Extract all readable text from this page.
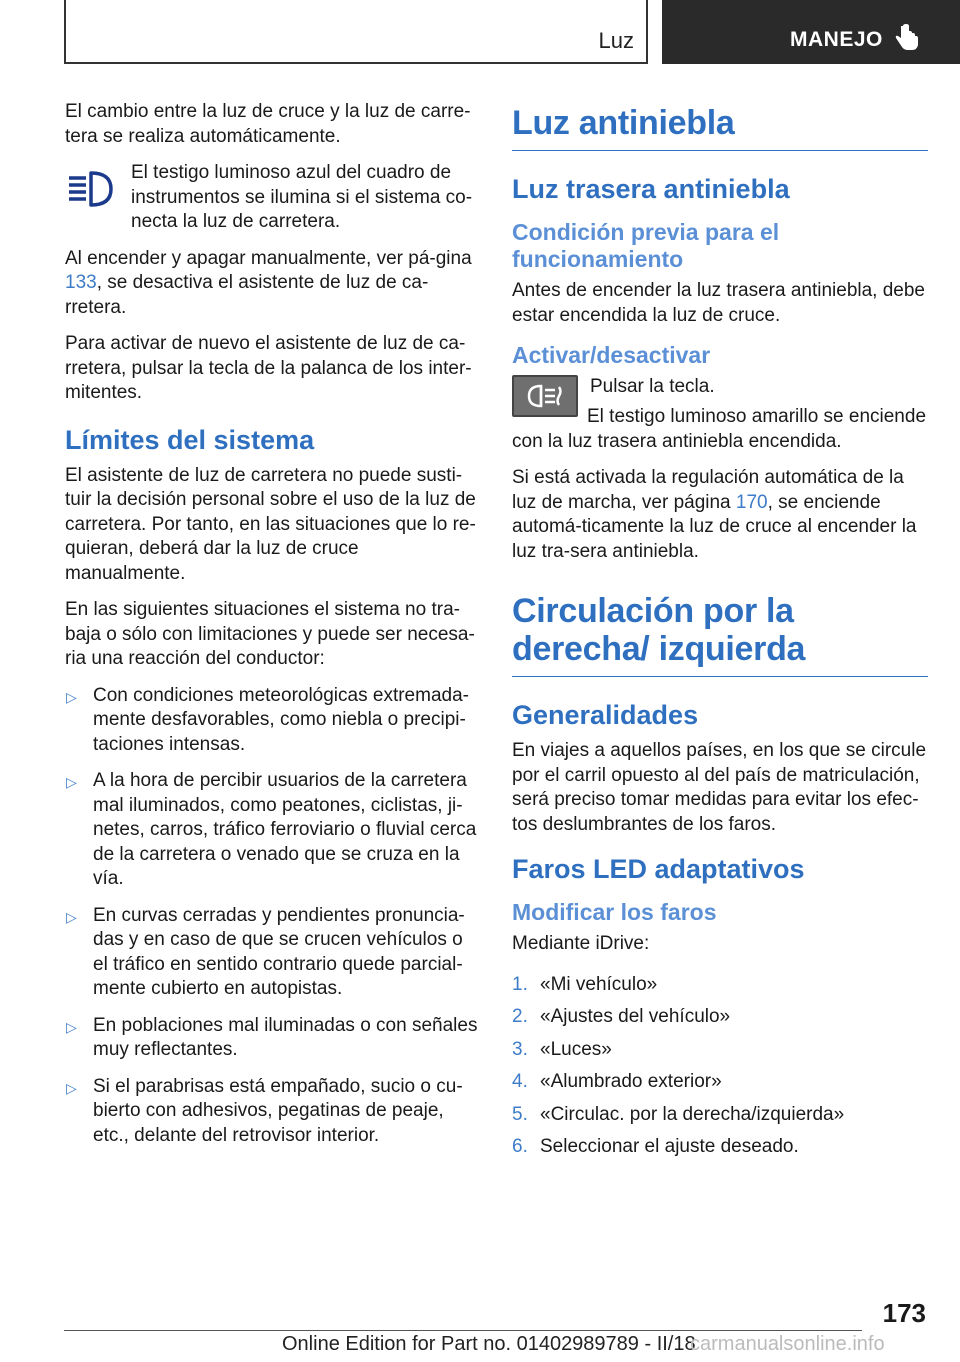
Luz	MANEJO

El cambio entre la luz de cruce y la luz de carre-tera se realiza automáticamente.

El testigo luminoso azul del cuadro de instrumentos se ilumina si el sistema co-necta la luz de carretera.

Al encender y apagar manualmente, ver pá-gina 133, se desactiva el asistente de luz de ca-rretera.

Para activar de nuevo el asistente de luz de ca-rretera, pulsar la tecla de la palanca de los inter-mitentes.

Límites del sistema

El asistente de luz de carretera no puede susti-tuir la decisión personal sobre el uso de la luz de carretera. Por tanto, en las situaciones que lo re-quieran, deberá dar la luz de cruce manualmente.

En las siguientes situaciones el sistema no tra-baja o sólo con limitaciones y puede ser necesa-ria una reacción del conductor:

▷ Con condiciones meteorológicas extremada-mente desfavorables, como niebla o precipi-taciones intensas.
▷ A la hora de percibir usuarios de la carretera mal iluminados, como peatones, ciclistas, ji-netes, carros, tráfico ferroviario o fluvial cerca de la carretera o venado que se cruza en la vía.
▷ En curvas cerradas y pendientes pronuncia-das y en caso de que se crucen vehículos o el tráfico en sentido contrario quede parcial-mente cubierto en autopistas.
▷ En poblaciones mal iluminadas o con señales muy reflectantes.
▷ Si el parabrisas está empañado, sucio o cu-bierto con adhesivos, pegatinas de peaje, etc., delante del retrovisor interior.
Luz antiniebla
Luz trasera antiniebla
Condición previa para el funcionamiento

Antes de encender la luz trasera antiniebla, debe estar encendida la luz de cruce.

Activar/desactivar

Pulsar la tecla.

El testigo luminoso amarillo se enciende con la luz trasera antiniebla encendida.

Si está activada la regulación automática de la luz de marcha, ver página 170, se enciende automá-ticamente la luz de cruce al encender la luz tra-sera antiniebla.

Circulación por la derecha/ izquierda
Generalidades

En viajes a aquellos países, en los que se circule por el carril opuesto al del país de matriculación, será preciso tomar medidas para evitar los efec-tos deslumbrantes de los faros.

Faros LED adaptativos
Modificar los faros

Mediante iDrive:

1. «Mi vehículo»
2. «Ajustes del vehículo»
3. «Luces»
4. «Alumbrado exterior»
5. «Circulac. por la derecha/izquierda»
6. Seleccionar el ajuste deseado.
173
Online Edition for Part no. 01402989789 - II/18
carmanualsonline.info
